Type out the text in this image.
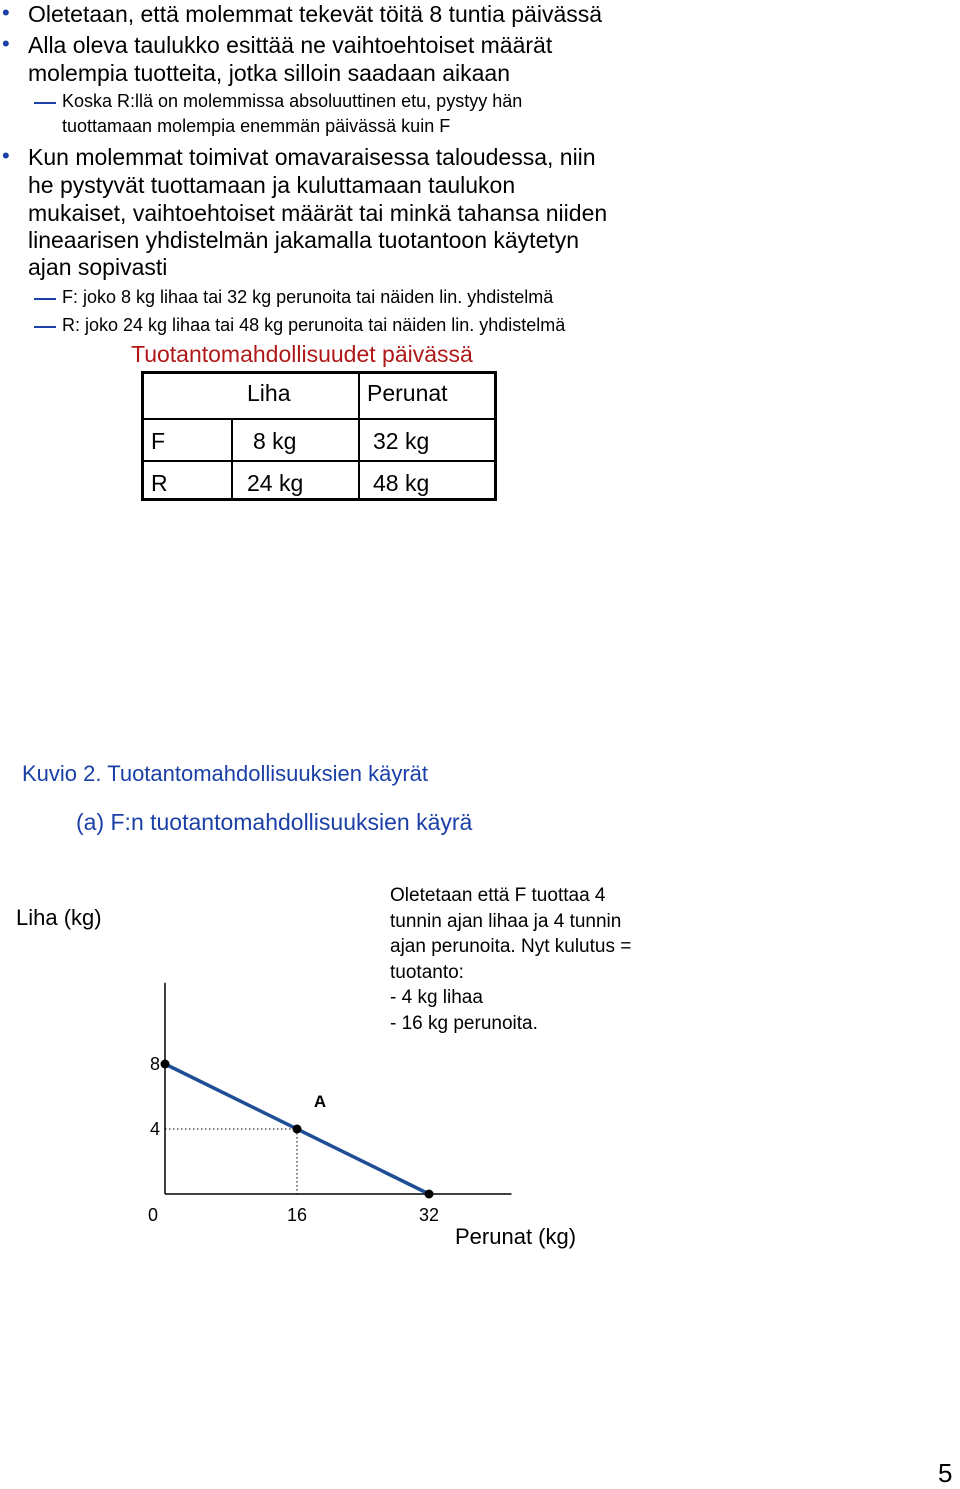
• Oletetaan, että molemmat tekevät töitä 8 tuntia päivässä
• Alla oleva taulukko esittää ne vaihtoehtoiset määrät
molempia tuotteita, jotka silloin saadaan aikaan
Koska R:llä on molemmissa absoluuttinen etu, pystyy hän
tuottamaan molempia enemmän päivässä kuin F
• Kun molemmat toimivat omavaraisessa taloudessa, niin
he pystyvät tuottamaan ja kuluttamaan taulukon
mukaiset, vaihtoehtoiset määrät tai minkä tahansa niiden
lineaarisen yhdistelmän jakamalla tuotantoon käytetyn
ajan sopivasti
F: joko 8 kg lihaa tai 32 kg perunoita tai näiden lin. yhdistelmä
R: joko 24 kg lihaa tai 48 kg perunoita tai näiden lin. yhdistelmä
Tuotantomahdollisuudet päivässä
Liha	Perunat
F	8 kg	32 kg
R	24 kg	48 kg
Kuvio 2. Tuotantomahdollisuuksien käyrät
(a) F:n tuotantomahdollisuuksien käyrä
Oletetaan että F tuottaa 4
tunnin ajan lihaa ja 4 tunnin
ajan perunoita. Nyt kulutus =
tuotanto:
- 4 kg lihaa
- 16 kg perunoita.
A
8
4
0	16	32
Liha (kg)
Perunat (kg)
5
